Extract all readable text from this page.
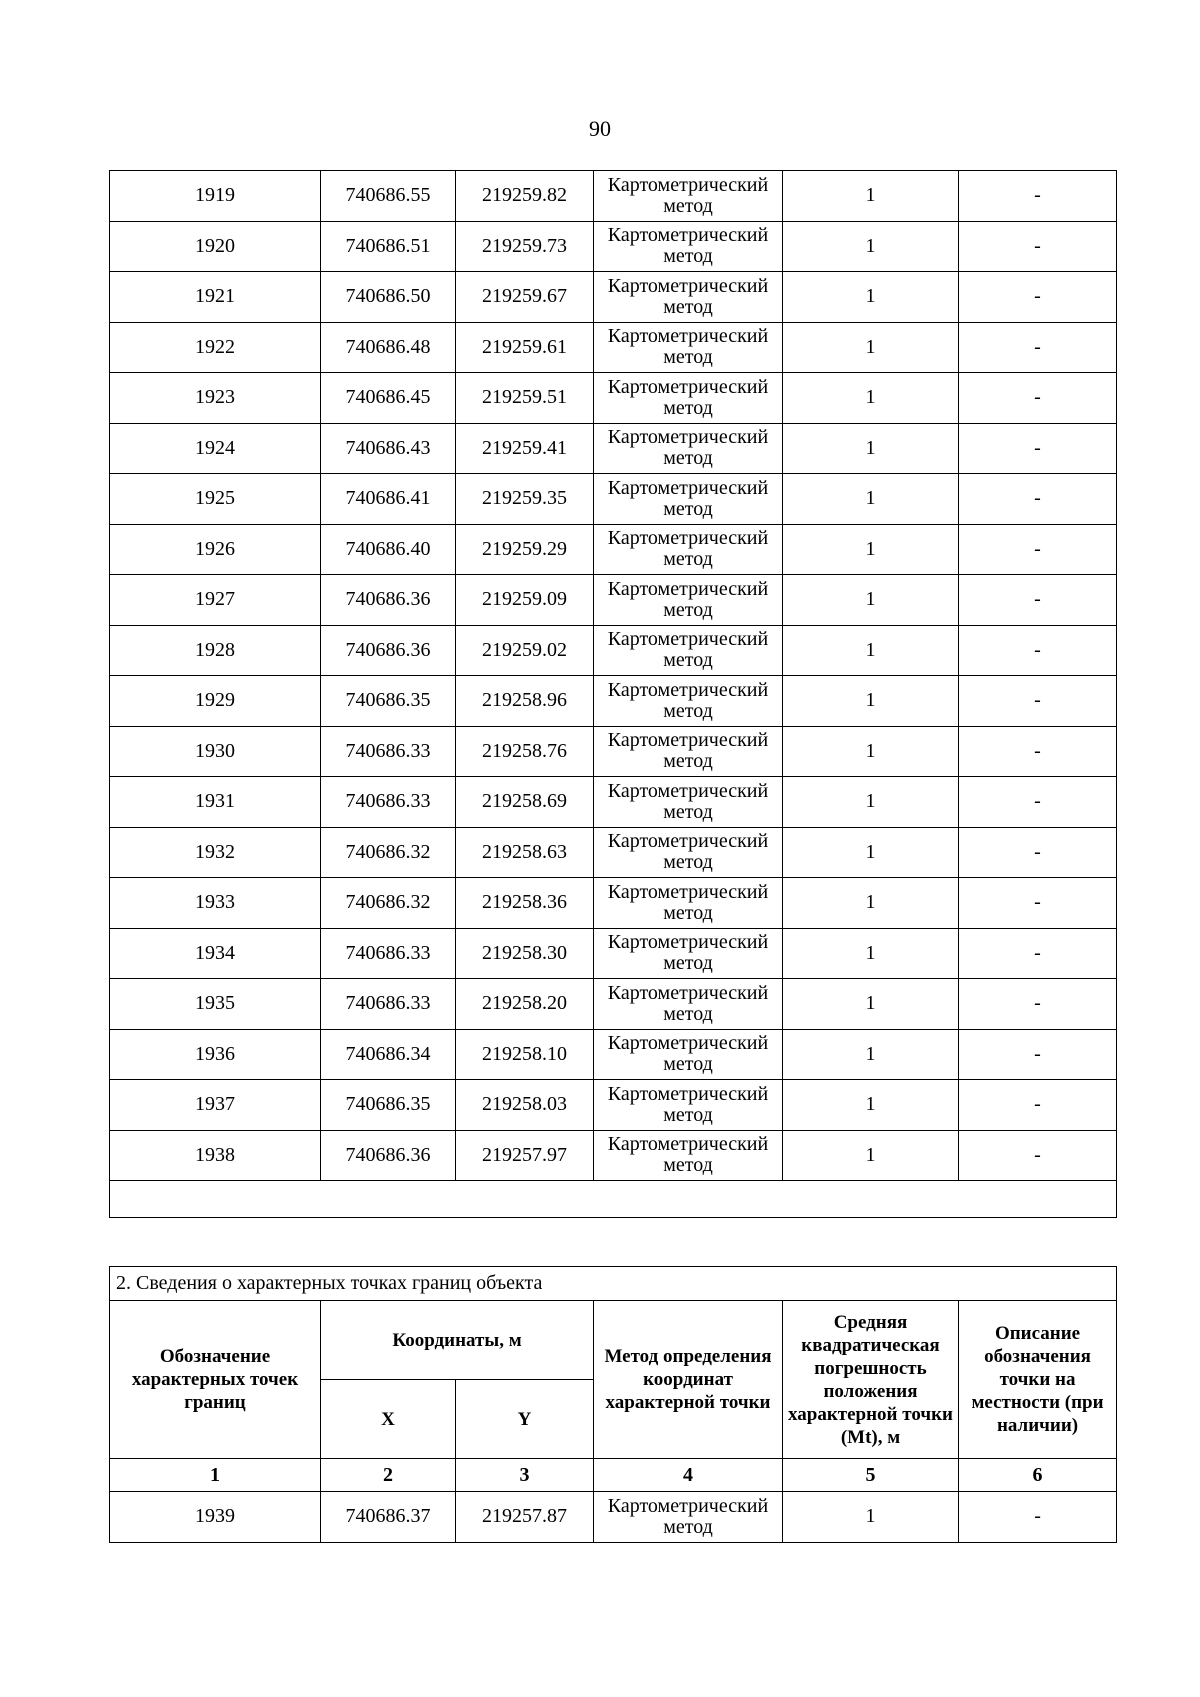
90
1919	740686.55	219259.82	Картометрический метод	1	-
1920	740686.51	219259.73	Картометрический метод	1	-
1921	740686.50	219259.67	Картометрический метод	1	-
1922	740686.48	219259.61	Картометрический метод	1	-
1923	740686.45	219259.51	Картометрический метод	1	-
1924	740686.43	219259.41	Картометрический метод	1	-
1925	740686.41	219259.35	Картометрический метод	1	-
1926	740686.40	219259.29	Картометрический метод	1	-
1927	740686.36	219259.09	Картометрический метод	1	-
1928	740686.36	219259.02	Картометрический метод	1	-
1929	740686.35	219258.96	Картометрический метод	1	-
1930	740686.33	219258.76	Картометрический метод	1	-
1931	740686.33	219258.69	Картометрический метод	1	-
1932	740686.32	219258.63	Картометрический метод	1	-
1933	740686.32	219258.36	Картометрический метод	1	-
1934	740686.33	219258.30	Картометрический метод	1	-
1935	740686.33	219258.20	Картометрический метод	1	-
1936	740686.34	219258.10	Картометрический метод	1	-
1937	740686.35	219258.03	Картометрический метод	1	-
1938	740686.36	219257.97	Картометрический метод	1	-

2. Сведения о характерных точках границ объекта					
Обозначение характерных точек границ	Координаты, м		Метод определения координат характерной точки	Средняя квадратическая погрешность положения характерной точки (Mt), м	Описание обозначения точки на местности (при наличии)
	X	Y			
1	2	3	4	5	6
1939	740686.37	219257.87	Картометрический метод	1	-
